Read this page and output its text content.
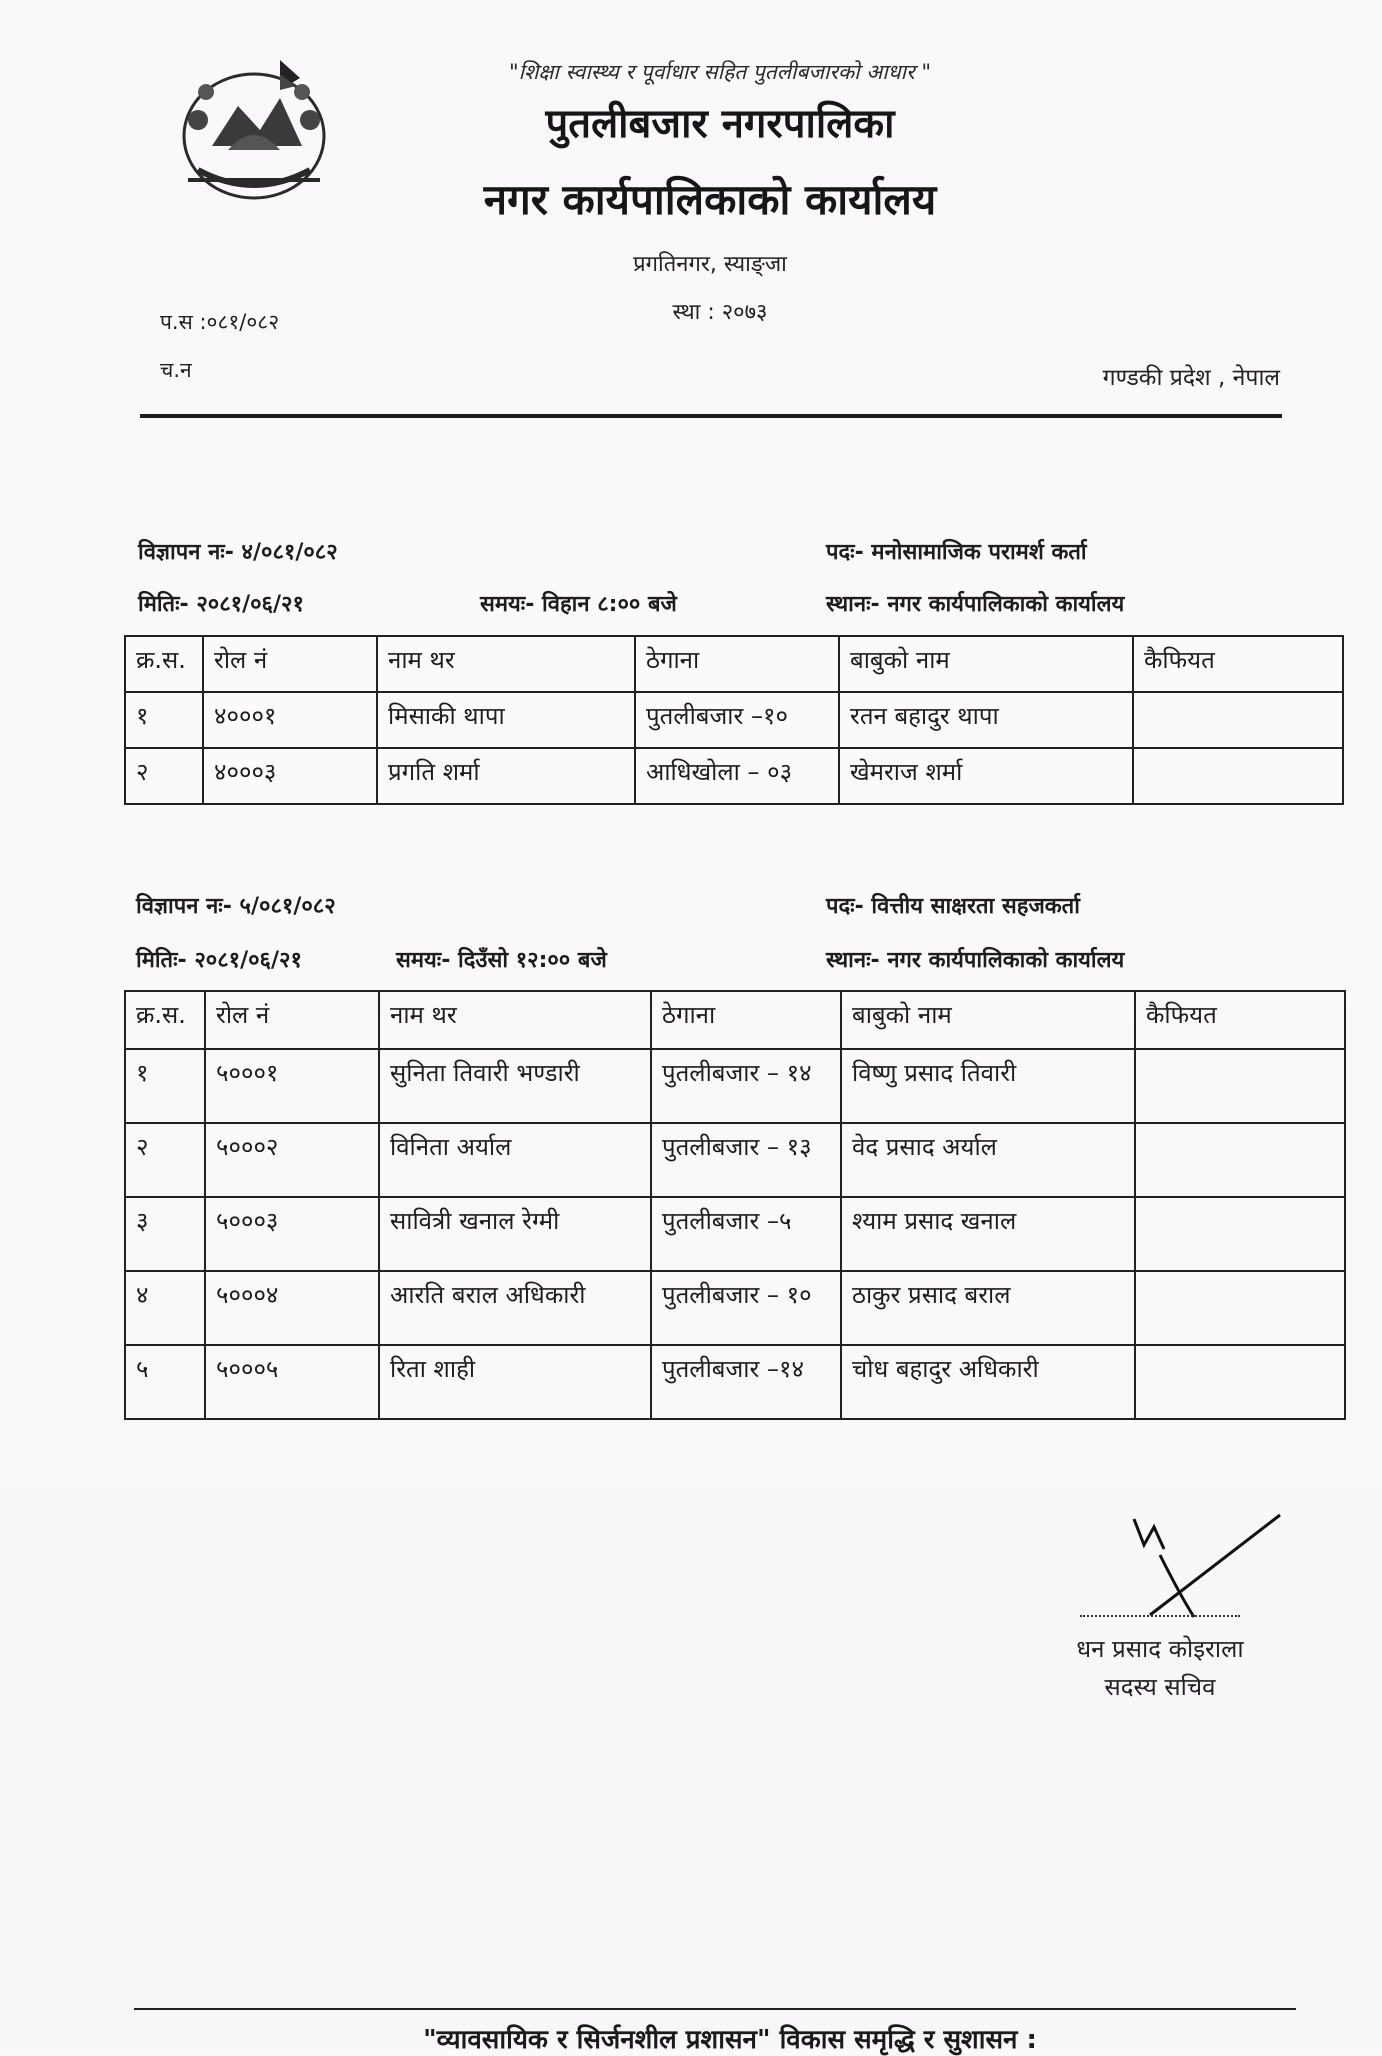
"शिक्षा स्वास्थ्य र पूर्वाधार सहित पुतलीबजारको आधार "
पुतलीबजार नगरपालिका
नगर कार्यपालिकाको कार्यालय
प्रगतिनगर, स्याङ्जा
स्था : २०७३
प.स :०८१/०८२
च.न	गण्डकी प्रदेश , नेपाल
विज्ञापन नः- ४/०८१/०८२	पदः- मनोसामाजिक परामर्श कर्ता
मितिः- २०८१/०६/२१	समयः- विहान ८:०० बजे	स्थानः- नगर कार्यपालिकाको कार्यालय
क्र.स.	रोल नं	नाम थर	ठेगाना	बाबुको नाम	कैफियत
१	४०००१	मिसाकी थापा	पुतलीबजार –१०	रतन बहादुर थापा	
२	४०००३	प्रगति शर्मा	आधिखोला – ०३	खेमराज शर्मा	
विज्ञापन नः- ५/०८१/०८२	पदः- वित्तीय साक्षरता सहजकर्ता
मितिः- २०८१/०६/२१	समयः- दिउँसो १२:०० बजे	स्थानः- नगर कार्यपालिकाको कार्यालय
क्र.स.	रोल नं	नाम थर	ठेगाना	बाबुको नाम	कैफियत
१	५०००१	सुनिता तिवारी भण्डारी	पुतलीबजार – १४	विष्णु प्रसाद तिवारी	
२	५०००२	विनिता अर्याल	पुतलीबजार – १३	वेद प्रसाद अर्याल	
३	५०००३	सावित्री खनाल रेग्मी	पुतलीबजार –५	श्याम प्रसाद खनाल	
४	५०००४	आरति बराल अधिकारी	पुतलीबजार – १०	ठाकुर प्रसाद बराल	
५	५०००५	रिता शाही	पुतलीबजार –१४	चोध बहादुर अधिकारी	
धन प्रसाद कोइराला
सदस्य सचिव
"व्यावसायिक र सिर्जनशील प्रशासन" विकास समृद्धि र सुशासन :
